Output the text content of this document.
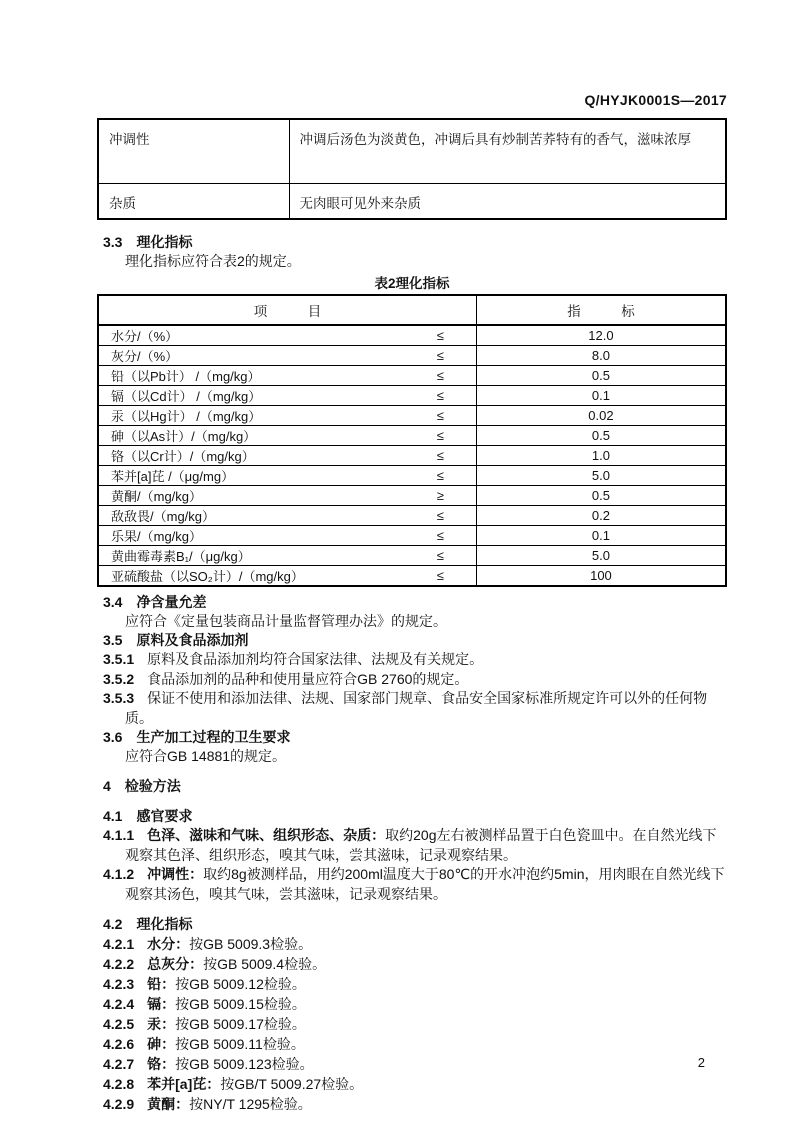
Q/HYJK0001S—2017
冲调性	冲调后汤色为淡黄色，冲调后具有炒制苦荞特有的香气，滋味浓厚
杂质	无肉眼可见外来杂质

3.3 理化指标

理化指标应符合表2的规定。

表2理化指标
项　　　目	指　　　标

水分/（%） ≤	12.0

灰分/（%） ≤	8.0

铅（以Pb计） /（mg/kg） ≤	0.5

镉（以Cd计） /（mg/kg） ≤	0.1

汞（以Hg计） /（mg/kg） ≤	0.02

砷（以As计）/（mg/kg） ≤	0.5

铬（以Cr计）/（mg/kg） ≤	1.0

苯并[a]芘 /（μg/mg） ≤	5.0

黄酮/（mg/kg） ≥	0.5

敌敌畏/（mg/kg） ≤	0.2

乐果/（mg/kg） ≤	0.1

黄曲霉毒素B₁/（μg/kg） ≤	5.0

亚硫酸盐（以SO₂计）/（mg/kg） ≤	100

3.4 净含量允差

应符合《定量包装商品计量监督管理办法》的规定。

3.5 原料及食品添加剂

3.5.1 原料及食品添加剂均符合国家法律、法规及有关规定。

3.5.2 食品添加剂的品种和使用量应符合GB 2760的规定。

3.5.3 保证不使用和添加法律、法规、国家部门规章、食品安全国家标准所规定许可以外的任何物质。

3.6 生产加工过程的卫生要求

应符合GB 14881的规定。

4 检验方法

4.1 感官要求

4.1.1 色泽、滋味和气味、组织形态、杂质：取约20g左右被测样品置于白色瓷皿中。在自然光线下观察其色泽、组织形态，嗅其气味，尝其滋味，记录观察结果。

4.1.2 冲调性：取约8g被测样品，用约200ml温度大于80℃的开水冲泡约5min，用肉眼在自然光线下观察其汤色，嗅其气味，尝其滋味，记录观察结果。

4.2 理化指标

4.2.1 水分：按GB 5009.3检验。

4.2.2 总灰分：按GB 5009.4检验。

4.2.3 铅：按GB 5009.12检验。

4.2.4 镉：按GB 5009.15检验。

4.2.5 汞：按GB 5009.17检验。

4.2.6 砷：按GB 5009.11检验。

4.2.7 铬：按GB 5009.123检验。

4.2.8 苯并[a]芘：按GB/T 5009.27检验。

4.2.9 黄酮：按NY/T 1295检验。

2
